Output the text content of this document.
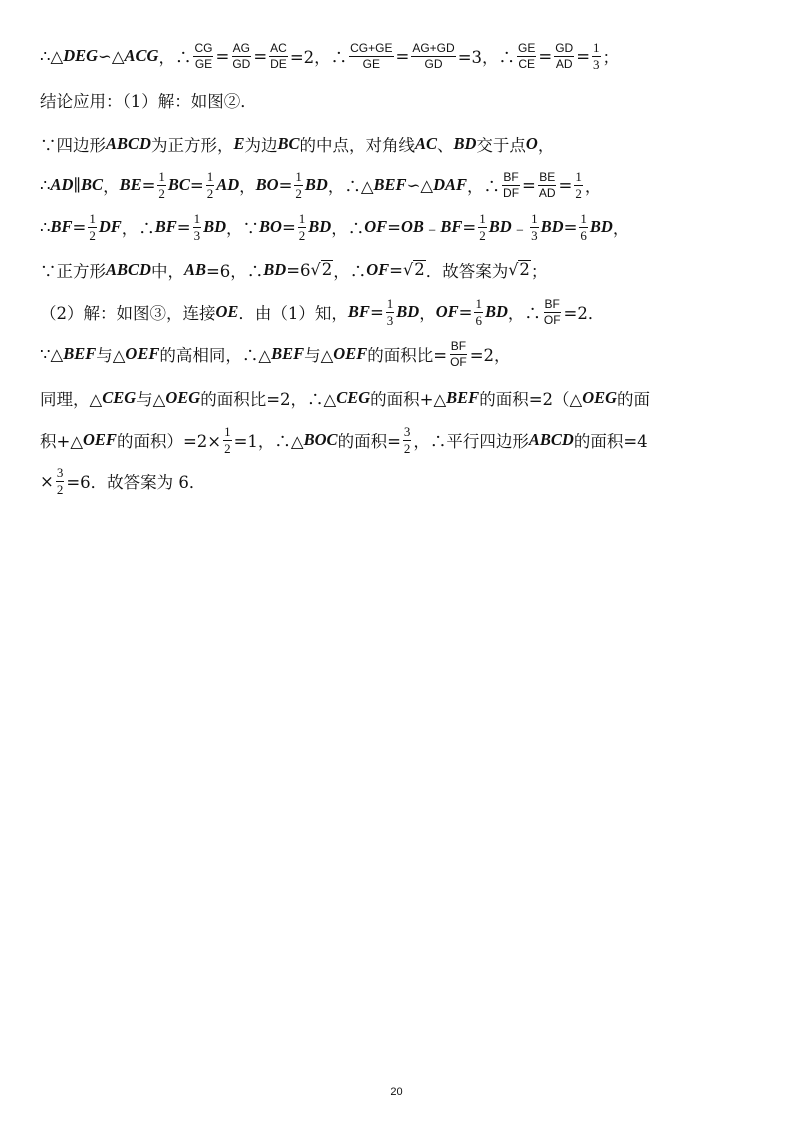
∴△ DEG ∽△ ACG ，∴ $\frac{CG}{GE} = \frac{AG}{GD} = \frac{AC}{DE} =2$，∴ $\frac{CG+GE}{GE} = \frac{AG+GD}{GD} =3$，∴ $\frac{GE}{CE} = \frac{GD}{AD} = \frac{1}{3}$ ；
结论应用：（1）解：如图②．
∵四边形 ABCD 为正方形， E 为边 BC 的中点，对角线 AC 、 BD 交于点 O ，
∴ AD ∥ BC ， BE = $\frac{1}{2}$ BC = $\frac{1}{2}$ AD ， BO = $\frac{1}{2}$ BD ，∴△ BEF ∽△ DAF ，∴ $\frac{BF}{DF} = \frac{BE}{AD} = \frac{1}{2}$ ，
∴ BF = $\frac{1}{2}$ DF ，∴ BF = $\frac{1}{3}$ BD ，∵ BO = $\frac{1}{2}$ BD ，∴ OF = OB ﹣ BF = $\frac{1}{2}$ BD ﹣ $\frac{1}{3}$ BD = $\frac{1}{6}$ BD ，
∵正方形 ABCD 中， AB =6，∴ BD =6 √ 2 ，∴ OF = √ 2 ．故答案为 √ 2 ；
（2）解：如图③，连接 OE ．由（1）知， BF = $\frac{1}{3}$ BD ， OF = $\frac{1}{6}$ BD ，∴ $\frac{BF}{OF} =2$．
∵△ BEF 与△ OEF 的高相同，∴△ BEF 与△ OEF 的面积比= $\frac{BF}{OF} =2$，
同理，△ CEG 与△ OEG 的面积比=2，∴△ CEG 的面积+△ BEF 的面积=2（△ OEG 的面
积+△ OEF 的面积）$=2\times \frac{1}{2} =1$，∴△ BOC 的面积= $\frac{3}{2}$ ，∴平行四边形 ABCD 的面积=4
× $\frac{3}{2} =6$．故答案为 6．
20
